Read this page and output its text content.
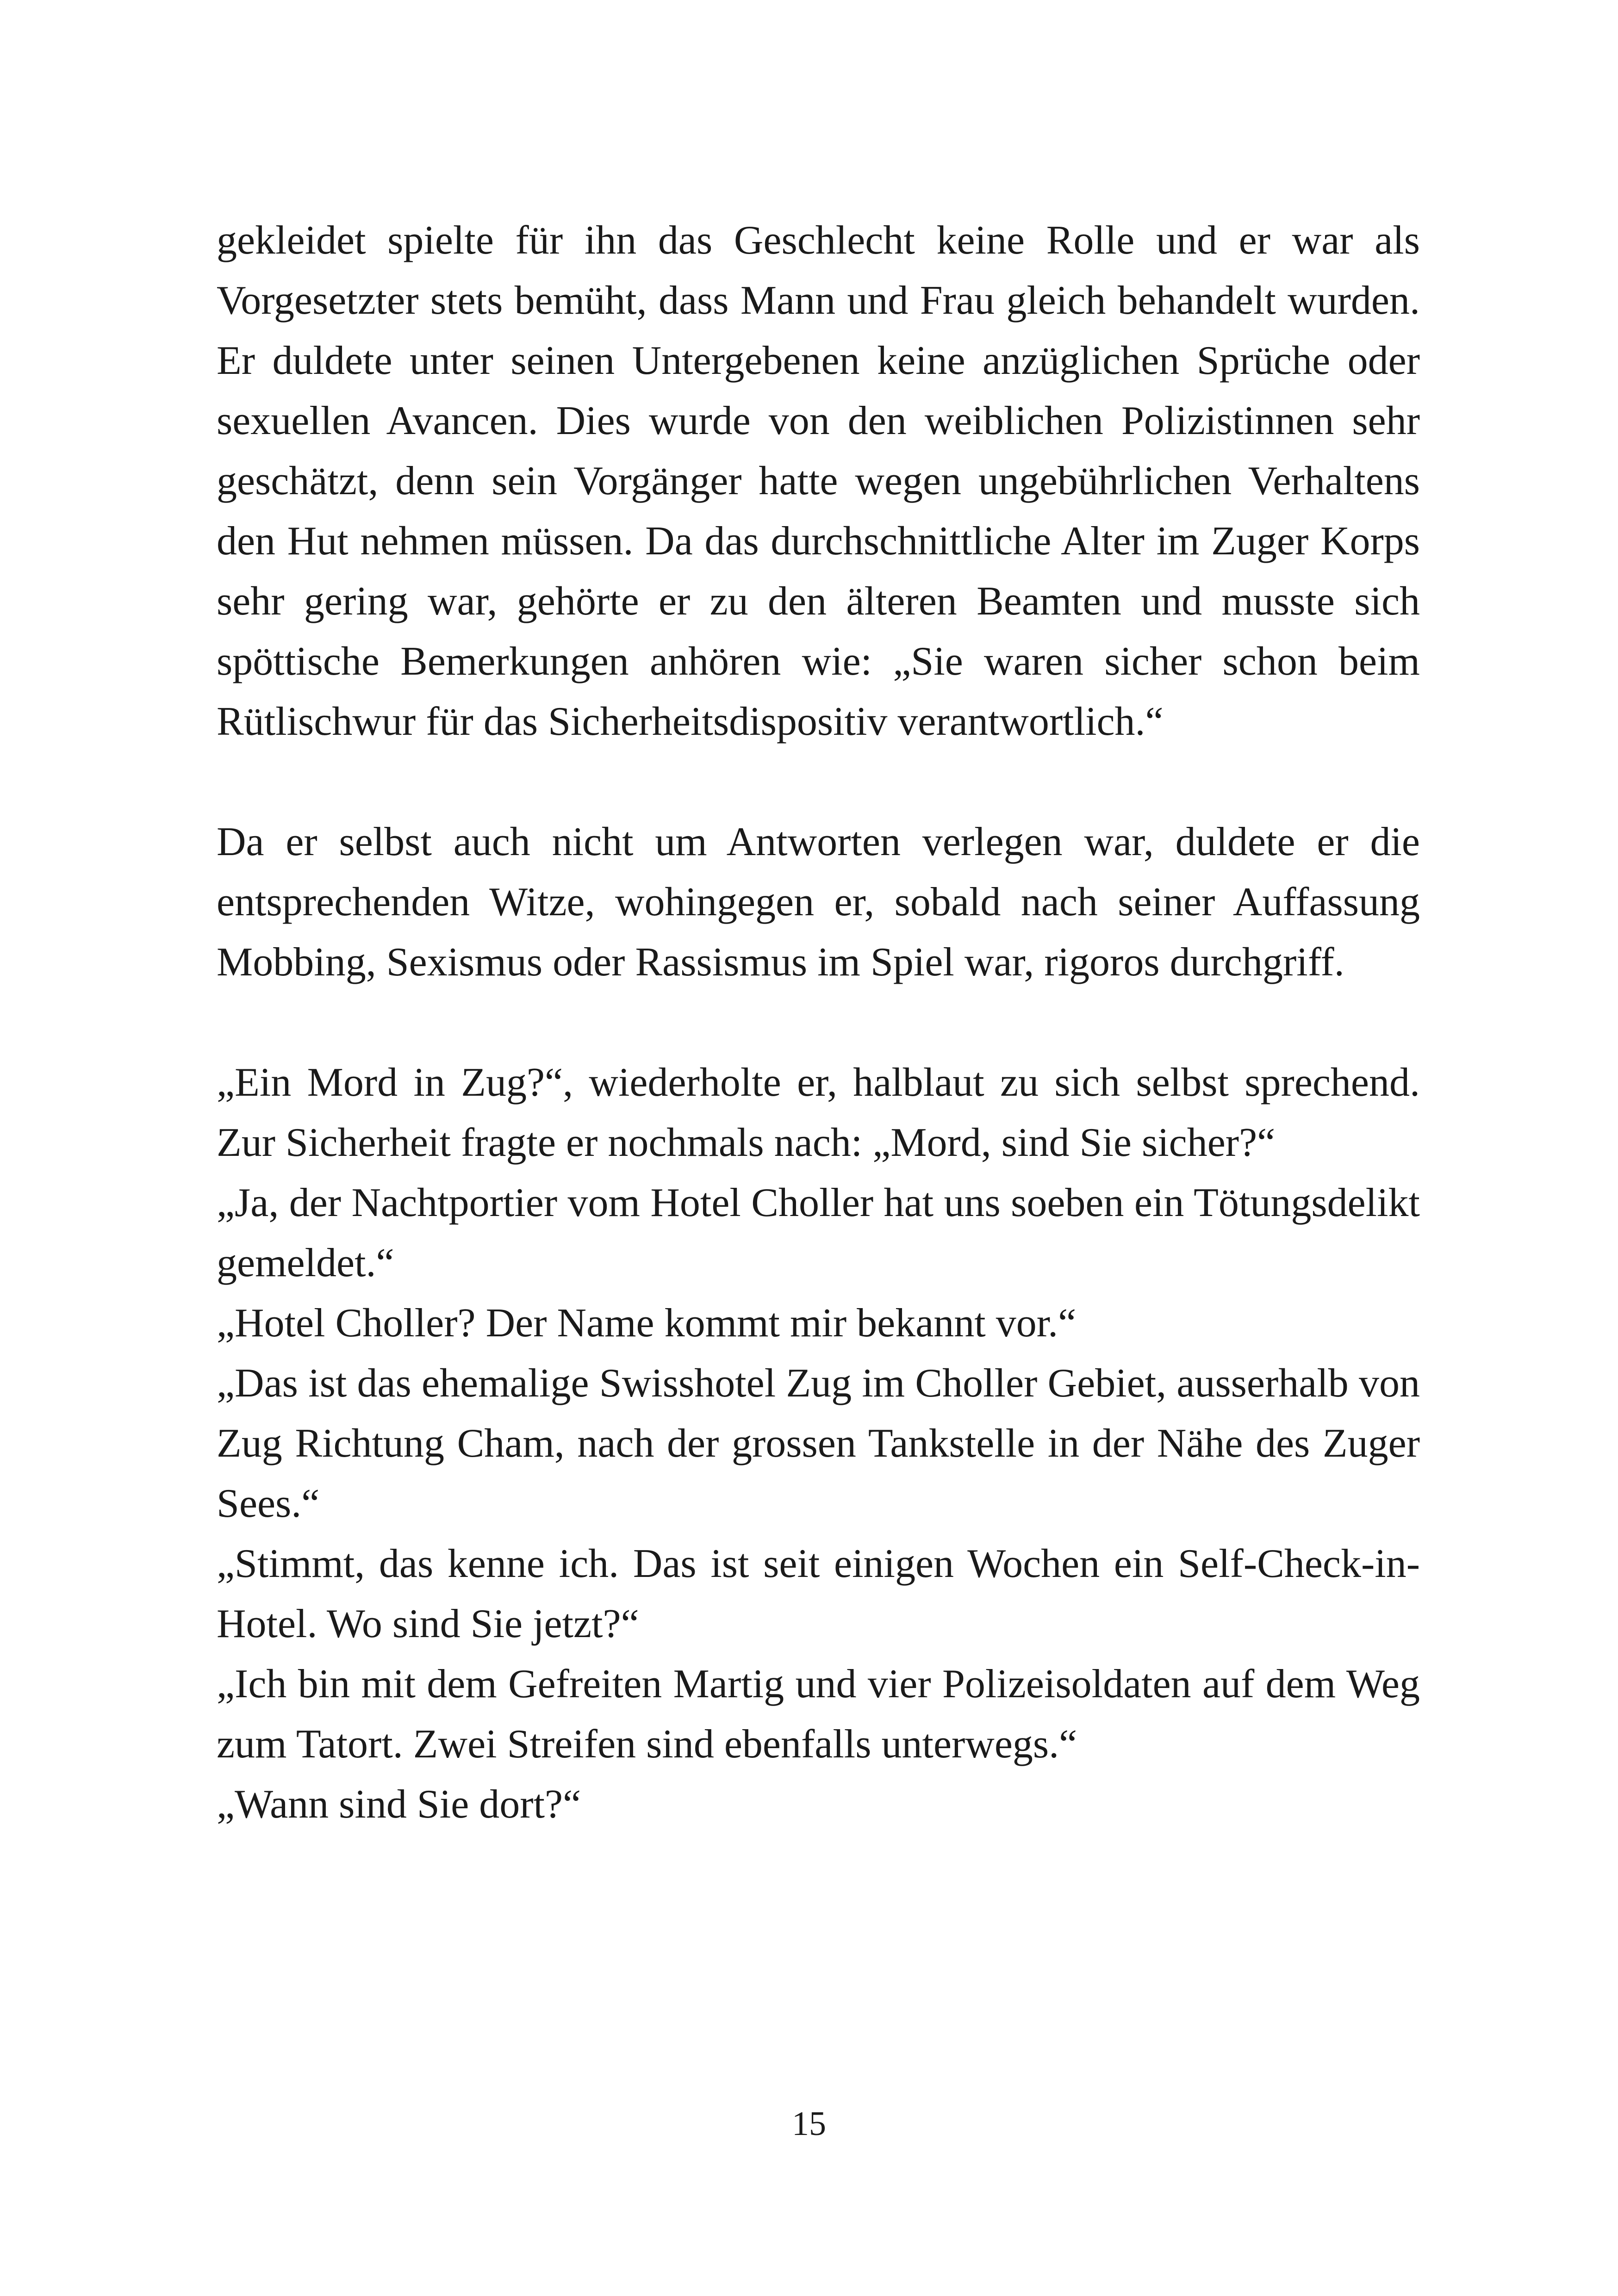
gekleidet spielte für ihn das Geschlecht keine Rolle und er war als Vorgesetzter stets bemüht, dass Mann und Frau gleich behandelt wurden. Er duldete unter seinen Untergebenen keine anzüglichen Sprüche oder sexuellen Avancen. Dies wurde von den weiblichen Polizistinnen sehr geschätzt, denn sein Vorgänger hatte wegen ungebührlichen Verhaltens den Hut nehmen müssen. Da das durchschnittliche Alter im Zuger Korps sehr gering war, gehörte er zu den älteren Beamten und musste sich spöttische Bemerkungen anhören wie: „Sie waren sicher schon beim Rütlischwur für das Sicherheitsdispositiv verantwortlich.“

Da er selbst auch nicht um Antworten verlegen war, duldete er die entsprechenden Witze, wohingegen er, sobald nach seiner Auffassung Mobbing, Sexismus oder Rassismus im Spiel war, rigoros durchgriff.

„Ein Mord in Zug?“, wiederholte er, halblaut zu sich selbst sprechend. Zur Sicherheit fragte er nochmals nach: „Mord, sind Sie sicher?“

„Ja, der Nachtportier vom Hotel Choller hat uns soeben ein Tötungsdelikt gemeldet.“

„Hotel Choller? Der Name kommt mir bekannt vor.“

„Das ist das ehemalige Swisshotel Zug im Choller Gebiet, ausserhalb von Zug Richtung Cham, nach der grossen Tankstelle in der Nähe des Zuger Sees.“

„Stimmt, das kenne ich. Das ist seit einigen Wochen ein Self-Check-in-Hotel. Wo sind Sie jetzt?“

„Ich bin mit dem Gefreiten Martig und vier Polizeisoldaten auf dem Weg zum Tatort. Zwei Streifen sind ebenfalls unterwegs.“

„Wann sind Sie dort?“

15
